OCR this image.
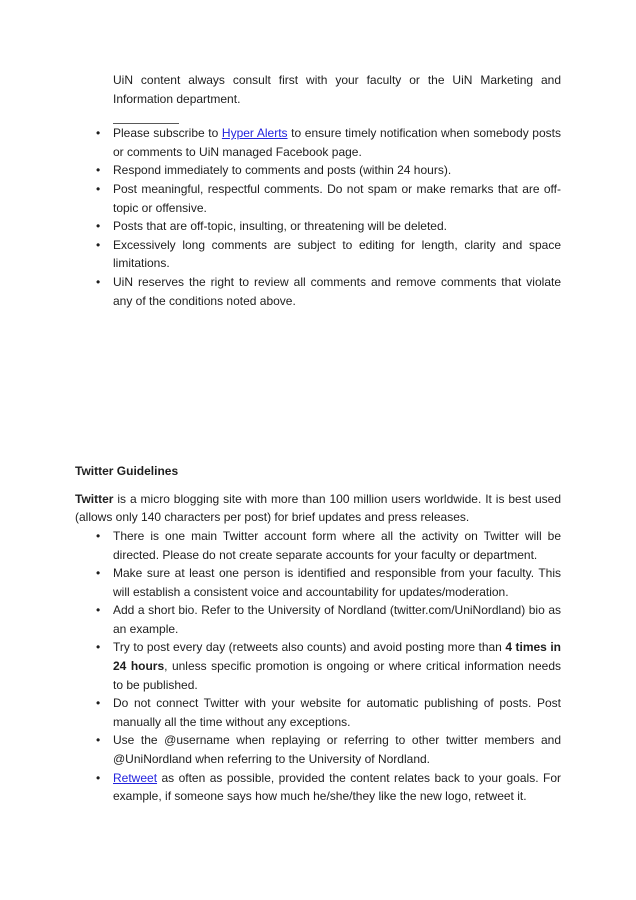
UiN content always consult first with your faculty or the UiN Marketing and Information department.

• Please subscribe to Hyper Alerts to ensure timely notification when somebody posts or comments to UiN managed Facebook page.
• Respond immediately to comments and posts (within 24 hours).
• Post meaningful, respectful comments. Do not spam or make remarks that are off-topic or offensive.
• Posts that are off-topic, insulting, or threatening will be deleted.
• Excessively long comments are subject to editing for length, clarity and space limitations.
• UiN reserves the right to review all comments and remove comments that violate any of the conditions noted above.

Twitter Guidelines

Twitter is a micro blogging site with more than 100 million users worldwide. It is best used (allows only 140 characters per post) for brief updates and press releases.

• There is one main Twitter account form where all the activity on Twitter will be directed. Please do not create separate accounts for your faculty or department.
• Make sure at least one person is identified and responsible from your faculty. This will establish a consistent voice and accountability for updates/moderation.
• Add a short bio. Refer to the University of Nordland (twitter.com/UniNordland) bio as an example.
• Try to post every day (retweets also counts) and avoid posting more than 4 times in 24 hours, unless specific promotion is ongoing or where critical information needs to be published.
• Do not connect Twitter with your website for automatic publishing of posts. Post manually all the time without any exceptions.
• Use the @username when replaying or referring to other twitter members and @UniNordland when referring to the University of Nordland.
• Retweet as often as possible, provided the content relates back to your goals. For example, if someone says how much he/she/they like the new logo, retweet it.
